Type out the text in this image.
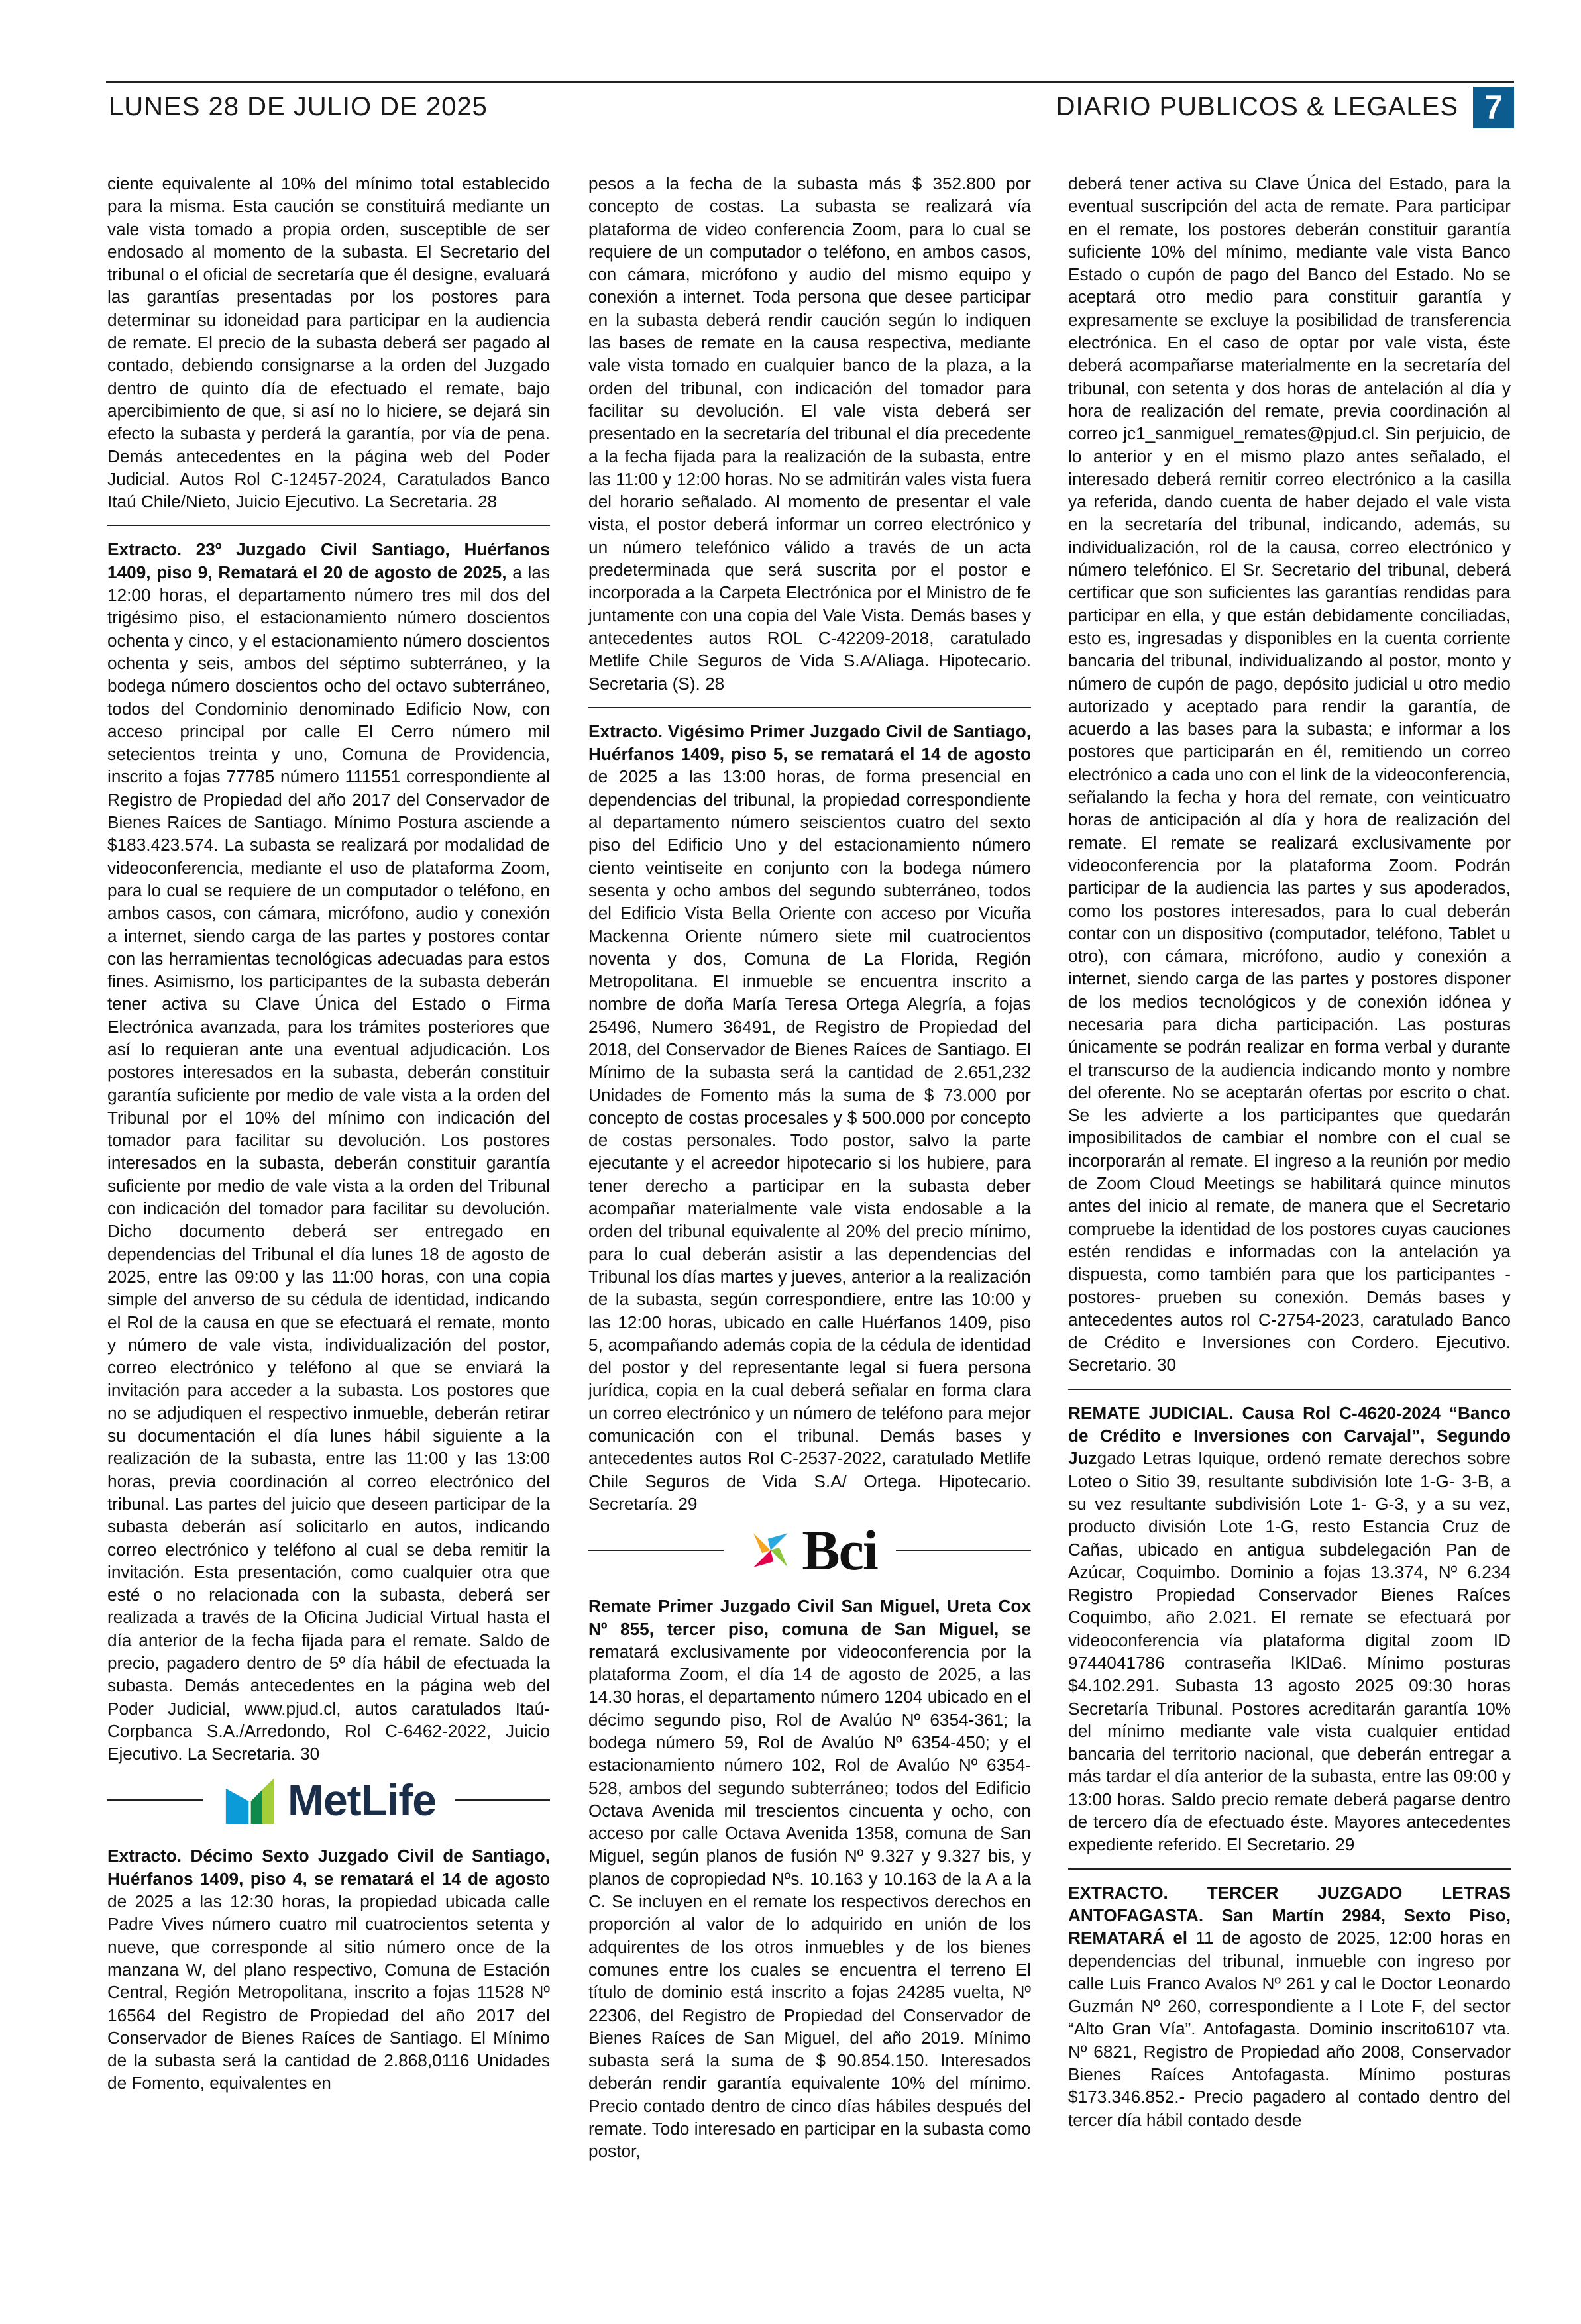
LUNES 28 DE JULIO DE 2025	DIARIO PUBLICOS & LEGALES 7

ciente equivalente al 10% del mínimo total establecido para la misma. Esta caución se constituirá mediante un vale vista tomado a propia orden, susceptible de ser endosado al momento de la subasta. El Secretario del tribunal o el oficial de secretaría que él designe, evaluará las garantías presentadas por los postores para determinar su idoneidad para participar en la audiencia de remate. El precio de la subasta deberá ser pagado al contado, debiendo consignarse a la orden del Juzgado dentro de quinto día de efectuado el remate, bajo apercibimiento de que, si así no lo hiciere, se dejará sin efecto la subasta y perderá la garantía, por vía de pena. Demás antecedentes en la página web del Poder Judicial. Autos Rol C-12457-2024, Caratulados Banco Itaú Chile/Nieto, Juicio Ejecutivo. La Secretaria. 28

Extracto. 23º Juzgado Civil Santiago, Huérfanos 1409, piso 9, Rematará el 20 de agosto de 2025, a las 12:00 horas, el departamento número tres mil dos del trigésimo piso, el estacionamiento número doscientos ochenta y cinco, y el estacionamiento número doscientos ochenta y seis, ambos del séptimo subterráneo, y la bodega número doscientos ocho del octavo subterráneo, todos del Condominio denominado Edificio Now, con acceso principal por calle El Cerro número mil setecientos treinta y uno, Comuna de Providencia, inscrito a fojas 77785 número 111551 correspondiente al Registro de Propiedad del año 2017 del Conservador de Bienes Raíces de Santiago. Mínimo Postura asciende a $183.423.574. La subasta se realizará por modalidad de videoconferencia, mediante el uso de plataforma Zoom, para lo cual se requiere de un computador o teléfono, en ambos casos, con cámara, micrófono, audio y conexión a internet, siendo carga de las partes y postores contar con las herramientas tecnológicas adecuadas para estos fines. Asimismo, los participantes de la subasta deberán tener activa su Clave Única del Estado o Firma Electrónica avanzada, para los trámites posteriores que así lo requieran ante una eventual adjudicación. Los postores interesados en la subasta, deberán constituir garantía suficiente por medio de vale vista a la orden del Tribunal por el 10% del mínimo con indicación del tomador para facilitar su devolución. Los postores interesados en la subasta, deberán constituir garantía suficiente por medio de vale vista a la orden del Tribunal con indicación del tomador para facilitar su devolución. Dicho documento deberá ser entregado en dependencias del Tribunal el día lunes 18 de agosto de 2025, entre las 09:00 y las 11:00 horas, con una copia simple del anverso de su cédula de identidad, indicando el Rol de la causa en que se efectuará el remate, monto y número de vale vista, individualización del postor, correo electrónico y teléfono al que se enviará la invitación para acceder a la subasta. Los postores que no se adjudiquen el respectivo inmueble, deberán retirar su documentación el día lunes hábil siguiente a la realización de la subasta, entre las 11:00 y las 13:00 horas, previa coordinación al correo electrónico del tribunal. Las partes del juicio que deseen participar de la subasta deberán así solicitarlo en autos, indicando correo electrónico y teléfono al cual se deba remitir la invitación. Esta presentación, como cualquier otra que esté o no relacionada con la subasta, deberá ser realizada a través de la Oficina Judicial Virtual hasta el día anterior de la fecha fijada para el remate. Saldo de precio, pagadero dentro de 5º día hábil de efectuada la subasta. Demás antecedentes en la página web del Poder Judicial, www.pjud.cl, autos caratulados Itaú-Corpbanca S.A./Arredondo, Rol C-6462-2022, Juicio Ejecutivo. La Secretaria. 30

MetLife

Extracto. Décimo Sexto Juzgado Civil de Santiago, Huérfanos 1409, piso 4, se rematará el 14 de agosto de 2025 a las 12:30 horas, la propiedad ubicada calle Padre Vives número cuatro mil cuatrocientos setenta y nueve, que corresponde al sitio número once de la manzana W, del plano respectivo, Comuna de Estación Central, Región Metropolitana, inscrito a fojas 11528 Nº 16564 del Registro de Propiedad del año 2017 del Conservador de Bienes Raíces de Santiago. El Mínimo de la subasta será la cantidad de 2.868,0116 Unidades de Fomento, equivalentes en

pesos a la fecha de la subasta más $ 352.800 por concepto de costas. La subasta se realizará vía plataforma de video conferencia Zoom, para lo cual se requiere de un computador o teléfono, en ambos casos, con cámara, micrófono y audio del mismo equipo y conexión a internet. Toda persona que desee participar en la subasta deberá rendir caución según lo indiquen las bases de remate en la causa respectiva, mediante vale vista tomado en cualquier banco de la plaza, a la orden del tribunal, con indicación del tomador para facilitar su devolución. El vale vista deberá ser presentado en la secretaría del tribunal el día precedente a la fecha fijada para la realización de la subasta, entre las 11:00 y 12:00 horas. No se admitirán vales vista fuera del horario señalado. Al momento de presentar el vale vista, el postor deberá informar un correo electrónico y un número telefónico válido a través de un acta predeterminada que será suscrita por el postor e incorporada a la Carpeta Electrónica por el Ministro de fe juntamente con una copia del Vale Vista. Demás bases y antecedentes autos ROL C-42209-2018, caratulado Metlife Chile Seguros de Vida S.A/Aliaga. Hipotecario. Secretaria (S). 28

Extracto. Vigésimo Primer Juzgado Civil de Santiago, Huérfanos 1409, piso 5, se rematará el 14 de agosto de 2025 a las 13:00 horas, de forma presencial en dependencias del tribunal, la propiedad correspondiente al departamento número seiscientos cuatro del sexto piso del Edificio Uno y del estacionamiento número ciento veintiseite en conjunto con la bodega número sesenta y ocho ambos del segundo subterráneo, todos del Edificio Vista Bella Oriente con acceso por Vicuña Mackenna Oriente número siete mil cuatrocientos noventa y dos, Comuna de La Florida, Región Metropolitana. El inmueble se encuentra inscrito a nombre de doña María Teresa Ortega Alegría, a fojas 25496, Numero 36491, de Registro de Propiedad del 2018, del Conservador de Bienes Raíces de Santiago. El Mínimo de la subasta será la cantidad de 2.651,232 Unidades de Fomento más la suma de $ 73.000 por concepto de costas procesales y $ 500.000 por concepto de costas personales. Todo postor, salvo la parte ejecutante y el acreedor hipotecario si los hubiere, para tener derecho a participar en la subasta deber acompañar materialmente vale vista endosable a la orden del tribunal equivalente al 20% del precio mínimo, para lo cual deberán asistir a las dependencias del Tribunal los días martes y jueves, anterior a la realización de la subasta, según correspondiere, entre las 10:00 y las 12:00 horas, ubicado en calle Huérfanos 1409, piso 5, acompañando además copia de la cédula de identidad del postor y del representante legal si fuera persona jurídica, copia en la cual deberá señalar en forma clara un correo electrónico y un número de teléfono para mejor comunicación con el tribunal. Demás bases y antecedentes autos Rol C-2537-2022, caratulado Metlife Chile Seguros de Vida S.A/ Ortega. Hipotecario. Secretaría. 29

Bci

Remate Primer Juzgado Civil San Miguel, Ureta Cox Nº 855, tercer piso, comuna de San Miguel, se rematará exclusivamente por videoconferencia por la plataforma Zoom, el día 14 de agosto de 2025, a las 14.30 horas, el departamento número 1204 ubicado en el décimo segundo piso, Rol de Avalúo Nº 6354-361; la bodega número 59, Rol de Avalúo Nº 6354-450; y el estacionamiento número 102, Rol de Avalúo Nº 6354-528, ambos del segundo subterráneo; todos del Edificio Octava Avenida mil trescientos cincuenta y ocho, con acceso por calle Octava Avenida 1358, comuna de San Miguel, según planos de fusión Nº 9.327 y 9.327 bis, y planos de copropiedad Nºs. 10.163 y 10.163 de la A a la C. Se incluyen en el remate los respectivos derechos en proporción al valor de lo adquirido en unión de los adquirentes de los otros inmuebles y de los bienes comunes entre los cuales se encuentra el terreno El título de dominio está inscrito a fojas 24285 vuelta, Nº 22306, del Registro de Propiedad del Conservador de Bienes Raíces de San Miguel, del año 2019. Mínimo subasta será la suma de $ 90.854.150. Interesados deberán rendir garantía equivalente 10% del mínimo. Precio contado dentro de cinco días hábiles después del remate. Todo interesado en participar en la subasta como postor,

deberá tener activa su Clave Única del Estado, para la eventual suscripción del acta de remate. Para participar en el remate, los postores deberán constituir garantía suficiente 10% del mínimo, mediante vale vista Banco Estado o cupón de pago del Banco del Estado. No se aceptará otro medio para constituir garantía y expresamente se excluye la posibilidad de transferencia electrónica. En el caso de optar por vale vista, éste deberá acompañarse materialmente en la secretaría del tribunal, con setenta y dos horas de antelación al día y hora de realización del remate, previa coordinación al correo jc1_sanmiguel_remates@pjud.cl. Sin perjuicio, de lo anterior y en el mismo plazo antes señalado, el interesado deberá remitir correo electrónico a la casilla ya referida, dando cuenta de haber dejado el vale vista en la secretaría del tribunal, indicando, además, su individualización, rol de la causa, correo electrónico y número telefónico. El Sr. Secretario del tribunal, deberá certificar que son suficientes las garantías rendidas para participar en ella, y que están debidamente conciliadas, esto es, ingresadas y disponibles en la cuenta corriente bancaria del tribunal, individualizando al postor, monto y número de cupón de pago, depósito judicial u otro medio autorizado y aceptado para rendir la garantía, de acuerdo a las bases para la subasta; e informar a los postores que participarán en él, remitiendo un correo electrónico a cada uno con el link de la videoconferencia, señalando la fecha y hora del remate, con veinticuatro horas de anticipación al día y hora de realización del remate. El remate se realizará exclusivamente por videoconferencia por la plataforma Zoom. Podrán participar de la audiencia las partes y sus apoderados, como los postores interesados, para lo cual deberán contar con un dispositivo (computador, teléfono, Tablet u otro), con cámara, micrófono, audio y conexión a internet, siendo carga de las partes y postores disponer de los medios tecnológicos y de conexión idónea y necesaria para dicha participación. Las posturas únicamente se podrán realizar en forma verbal y durante el transcurso de la audiencia indicando monto y nombre del oferente. No se aceptarán ofertas por escrito o chat. Se les advierte a los participantes que quedarán imposibilitados de cambiar el nombre con el cual se incorporarán al remate. El ingreso a la reunión por medio de Zoom Cloud Meetings se habilitará quince minutos antes del inicio al remate, de manera que el Secretario compruebe la identidad de los postores cuyas cauciones estén rendidas e informadas con la antelación ya dispuesta, como también para que los participantes -postores- prueben su conexión. Demás bases y antecedentes autos rol C-2754-2023, caratulado Banco de Crédito e Inversiones con Cordero. Ejecutivo. Secretario. 30

REMATE JUDICIAL. Causa Rol C-4620-2024 “Banco de Crédito e Inversiones con Carvajal”, Segundo Juzgado Letras Iquique, ordenó remate derechos sobre Loteo o Sitio 39, resultante subdivisión lote 1-G- 3-B, a su vez resultante subdivisión Lote 1- G-3, y a su vez, producto división Lote 1-G, resto Estancia Cruz de Cañas, ubicado en antigua subdelegación Pan de Azúcar, Coquimbo. Dominio a fojas 13.374, Nº 6.234 Registro Propiedad Conservador Bienes Raíces Coquimbo, año 2.021. El remate se efectuará por videoconferencia vía plataforma digital zoom ID 9744041786 contraseña lKlDa6. Mínimo posturas $4.102.291. Subasta 13 agosto 2025 09:30 horas Secretaría Tribunal. Postores acreditarán garantía 10% del mínimo mediante vale vista cualquier entidad bancaria del territorio nacional, que deberán entregar a más tardar el día anterior de la subasta, entre las 09:00 y 13:00 horas. Saldo precio remate deberá pagarse dentro de tercero día de efectuado éste. Mayores antecedentes expediente referido. El Secretario. 29

EXTRACTO. TERCER JUZGADO LETRAS ANTOFAGASTA. San Martín 2984, Sexto Piso, REMATARÁ el 11 de agosto de 2025, 12:00 horas en dependencias del tribunal, inmueble con ingreso por calle Luis Franco Avalos Nº 261 y cal le Doctor Leonardo Guzmán Nº 260, correspondiente a I Lote F, del sector “Alto Gran Vía”. Antofagasta. Dominio inscrito6107 vta. Nº 6821, Registro de Propiedad año 2008, Conservador Bienes Raíces Antofagasta. Mínimo posturas $173.346.852.- Precio pagadero al contado dentro del tercer día hábil contado desde
